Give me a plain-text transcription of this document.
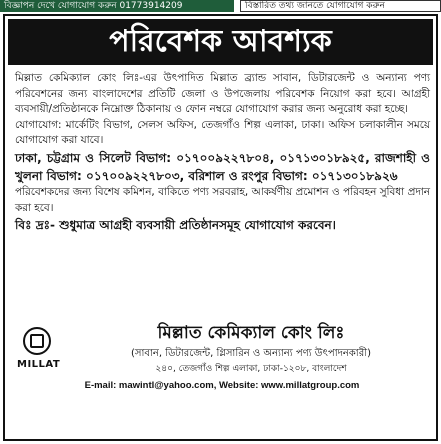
বিজ্ঞাপন দেখে যোগাযোগ করুন 01773914209	বিস্তারিত তথ্য জানতে যোগাযোগ করুন
পরিবেশক আবশ্যক

মিল্লাত কেমিক্যাল কোং লিঃ-এর উৎপাদিত মিল্লাত ব্র্যান্ড সাবান, ডিটারজেন্ট ও অন্যান্য পণ্য পরিবেশনের জন্য বাংলাদেশের প্রতিটি জেলা ও উপজেলায় পরিবেশক নিয়োগ করা হবে। আগ্রহী ব্যবসায়ী/প্রতিষ্ঠানকে নিম্নোক্ত ঠিকানায় ও ফোন নম্বরে যোগাযোগ করার জন্য অনুরোধ করা হচ্ছে।

যোগাযোগ: মার্কেটিং বিভাগ, সেলস অফিস, তেজগাঁও শিল্প এলাকা, ঢাকা। অফিস চলাকালীন সময়ে যোগাযোগ করা যাবে।

ঢাকা, চট্টগ্রাম ও সিলেট বিভাগ: ০১৭০০৯২২৭৮০৪, ০১৭১৩০১৮৯২৫, রাজশাহী ও খুলনা বিভাগ: ০১৭০০৯২২৭৮০৩, বরিশাল ও রংপুর বিভাগ: ০১৭১৩০১৮৯২৬

পরিবেশকদের জন্য বিশেষ কমিশন, বাকিতে পণ্য সরবরাহ, আকর্ষণীয় প্রমোশন ও পরিবহন সুবিধা প্রদান করা হবে।

বিঃ দ্রঃ- শুধুমাত্র আগ্রহী ব্যবসায়ী প্রতিষ্ঠানসমূহ যোগাযোগ করবেন।

MILLAT
মিল্লাত কেমিক্যাল কোং লিঃ
(সাবান, ডিটারজেন্ট, গ্লিসারিন ও অন্যান্য পণ্য উৎপাদনকারী)
২৪০, তেজগাঁও শিল্প এলাকা, ঢাকা-১২০৮, বাংলাদেশ
E-mail: mawintl@yahoo.com, Website: www.millatgroup.com
